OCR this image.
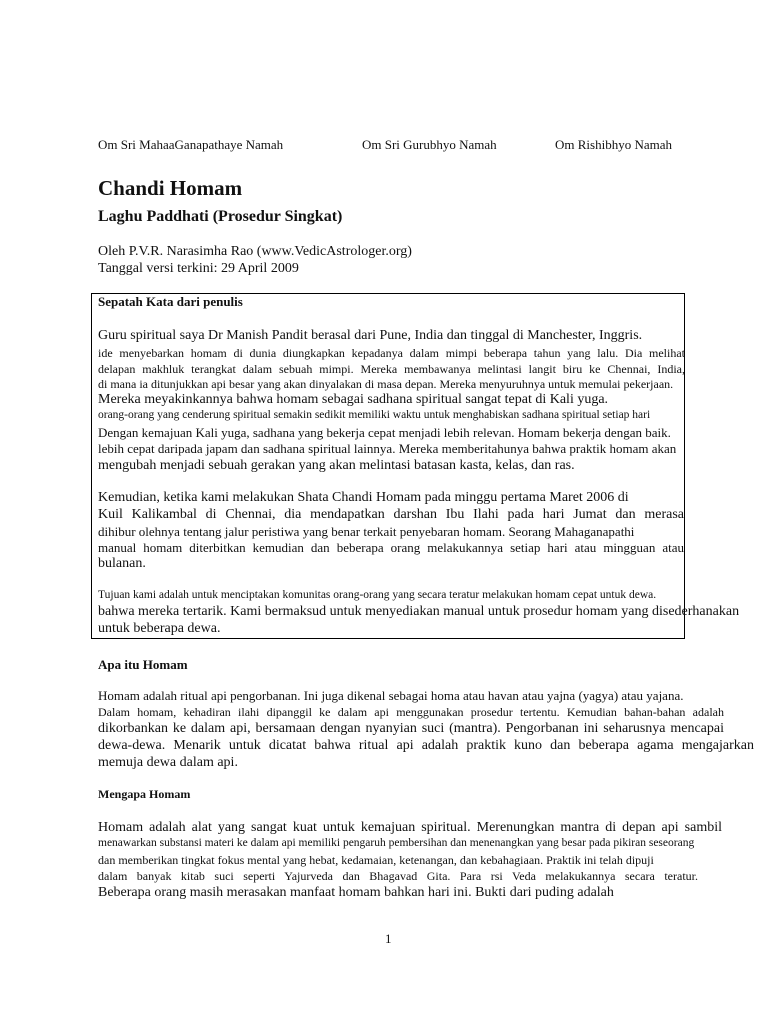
Om Sri MahaaGanapathaye Namah	Om Sri Gurubhyo Namah	Om Rishibhyo Namah
Chandi Homam
Laghu Paddhati (Prosedur Singkat)
Oleh P.V.R. Narasimha Rao (www.VedicAstrologer.org)
Tanggal versi terkini: 29 April 2009
Sepatah Kata dari penulis
Guru spiritual saya Dr Manish Pandit berasal dari Pune, India dan tinggal di Manchester, Inggris.
ide menyebarkan homam di dunia diungkapkan kepadanya dalam mimpi beberapa tahun yang lalu. Dia melihat
delapan makhluk terangkat dalam sebuah mimpi. Mereka membawanya melintasi langit biru ke Chennai, India,
di mana ia ditunjukkan api besar yang akan dinyalakan di masa depan. Mereka menyuruhnya untuk memulai pekerjaan.
Mereka meyakinkannya bahwa homam sebagai sadhana spiritual sangat tepat di Kali yuga.
orang-orang yang cenderung spiritual semakin sedikit memiliki waktu untuk menghabiskan sadhana spiritual setiap hari
Dengan kemajuan Kali yuga, sadhana yang bekerja cepat menjadi lebih relevan. Homam bekerja dengan baik.
lebih cepat daripada japam dan sadhana spiritual lainnya. Mereka memberitahunya bahwa praktik homam akan
mengubah menjadi sebuah gerakan yang akan melintasi batasan kasta, kelas, dan ras.
Kemudian, ketika kami melakukan Shata Chandi Homam pada minggu pertama Maret 2006 di
Kuil Kalikambal di Chennai, dia mendapatkan darshan Ibu Ilahi pada hari Jumat dan merasa
dihibur olehnya tentang jalur peristiwa yang benar terkait penyebaran homam. Seorang Mahaganapathi
manual homam diterbitkan kemudian dan beberapa orang melakukannya setiap hari atau mingguan atau
bulanan.
Tujuan kami adalah untuk menciptakan komunitas orang-orang yang secara teratur melakukan homam cepat untuk dewa.
bahwa mereka tertarik. Kami bermaksud untuk menyediakan manual untuk prosedur homam yang disederhanakan
untuk beberapa dewa.
Apa itu Homam
Homam adalah ritual api pengorbanan. Ini juga dikenal sebagai homa atau havan atau yajna (yagya) atau yajana.
Dalam homam, kehadiran ilahi dipanggil ke dalam api menggunakan prosedur tertentu. Kemudian bahan-bahan adalah
dikorbankan ke dalam api, bersamaan dengan nyanyian suci (mantra). Pengorbanan ini seharusnya mencapai
dewa-dewa. Menarik untuk dicatat bahwa ritual api adalah praktik kuno dan beberapa agama mengajarkan
memuja dewa dalam api.
Mengapa Homam
Homam adalah alat yang sangat kuat untuk kemajuan spiritual. Merenungkan mantra di depan api sambil
menawarkan substansi materi ke dalam api memiliki pengaruh pembersihan dan menenangkan yang besar pada pikiran seseorang
dan memberikan tingkat fokus mental yang hebat, kedamaian, ketenangan, dan kebahagiaan. Praktik ini telah dipuji
dalam banyak kitab suci seperti Yajurveda dan Bhagavad Gita. Para rsi Veda melakukannya secara teratur.
Beberapa orang masih merasakan manfaat homam bahkan hari ini. Bukti dari puding adalah
1
